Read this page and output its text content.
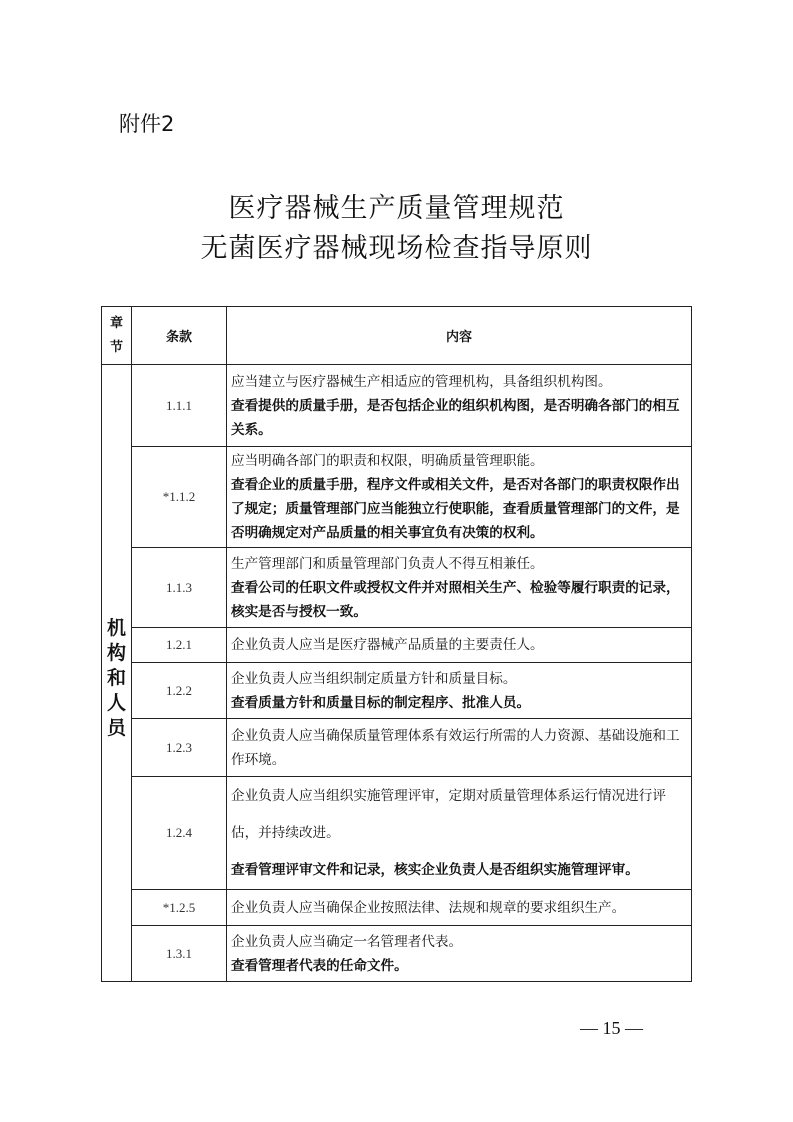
附件2
医疗器械生产质量管理规范
无菌医疗器械现场检查指导原则
章节	条款	内容

机构和人员	1.1.1	应当建立与医疗器械生产相适应的管理机构，具备组织机构图。

查看提供的质量手册，是否包括企业的组织机构图，是否明确各部门的相互关系。

	*1.1.2	应当明确各部门的职责和权限，明确质量管理职能。

查看企业的质量手册，程序文件或相关文件，是否对各部门的职责权限作出了规定；质量管理部门应当能独立行使职能，查看质量管理部门的文件，是否明确规定对产品质量的相关事宜负有决策的权利。

	1.1.3	生产管理部门和质量管理部门负责人不得互相兼任。

查看公司的任职文件或授权文件并对照相关生产、检验等履行职责的记录，核实是否与授权一致。

	1.2.1	企业负责人应当是医疗器械产品质量的主要责任人。

	1.2.2	企业负责人应当组织制定质量方针和质量目标。

查看质量方针和质量目标的制定程序、批准人员。

	1.2.3	企业负责人应当确保质量管理体系有效运行所需的人力资源、基础设施和工作环境。

	1.2.4	企业负责人应当组织实施管理评审，定期对质量管理体系运行情况进行评估，并持续改进。

查看管理评审文件和记录，核实企业负责人是否组织实施管理评审。

	*1.2.5	企业负责人应当确保企业按照法律、法规和规章的要求组织生产。

	1.3.1	企业负责人应当确定一名管理者代表。

查看管理者代表的任命文件。

— 15 —
